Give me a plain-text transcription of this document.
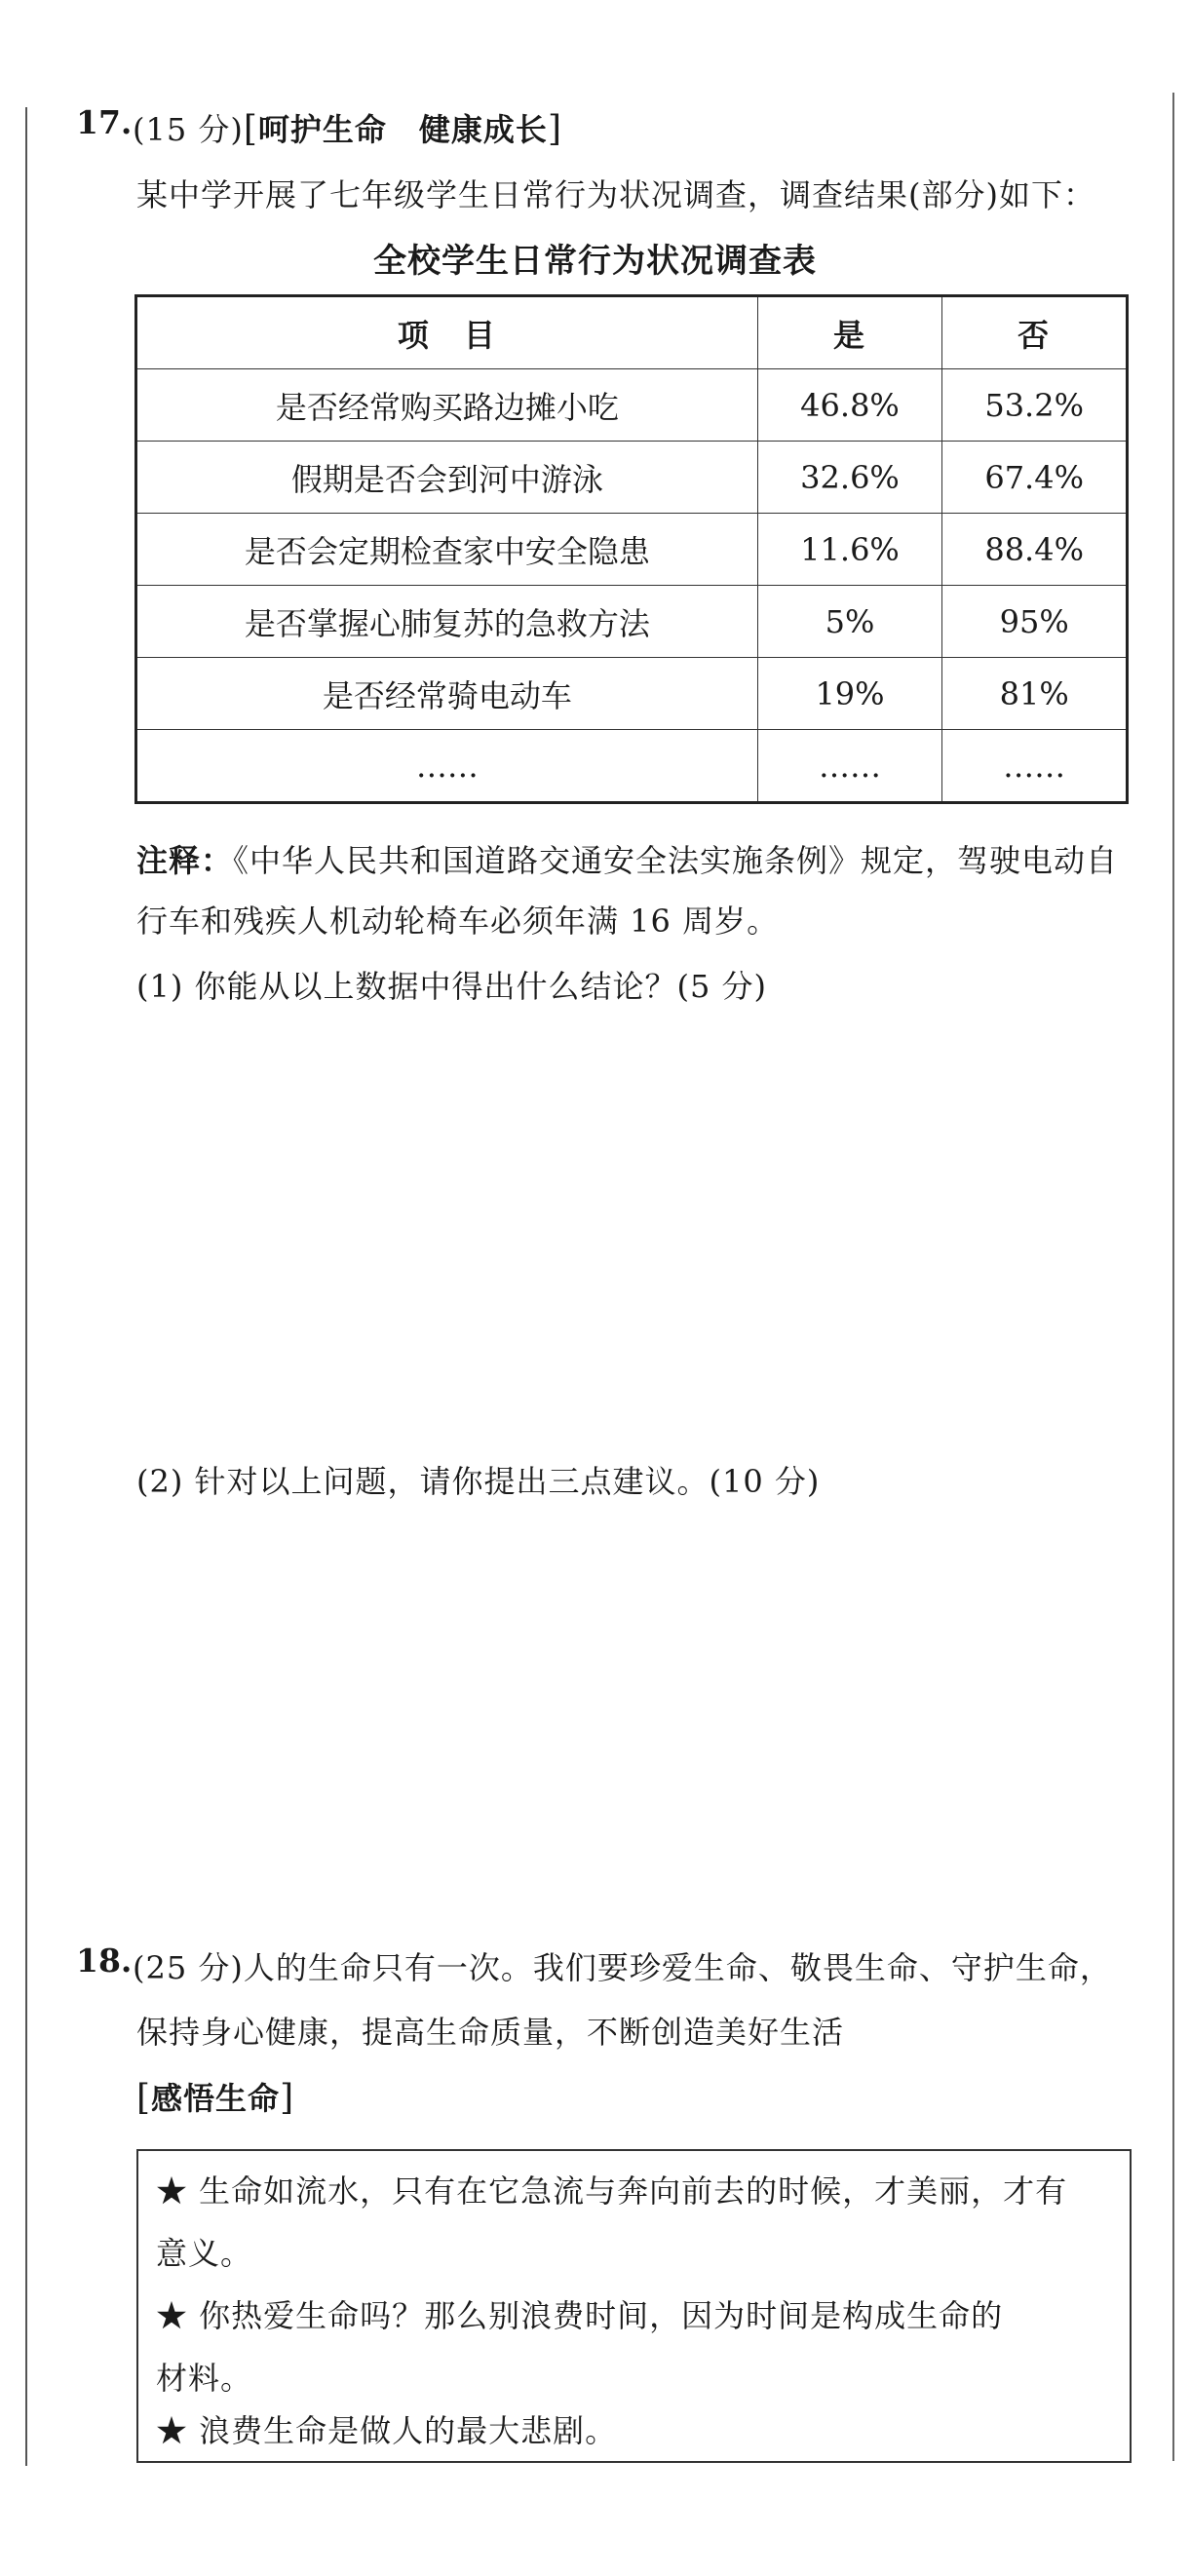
17. (15 分)[呵护生命　健康成长]
某中学开展了七年级学生日常行为状况调查，调查结果(部分)如下：
全校学生日常行为状况调查表
项　目	是	否
是否经常购买路边摊小吃	46.8%	53.2%
假期是否会到河中游泳	32.6%	67.4%
是否会定期检查家中安全隐患	11.6%	88.4%
是否掌握心肺复苏的急救方法	5%	95%
是否经常骑电动车	19%	81%
……	……	……
注释：《中华人民共和国道路交通安全法实施条例》规定，驾驶电动自
行车和残疾人机动轮椅车必须年满 16 周岁。
(1) 你能从以上数据中得出什么结论？(5 分)
(2) 针对以上问题，请你提出三点建议。(10 分)
18. (25 分)人的生命只有一次。我们要珍爱生命、敬畏生命、守护生命，
保持身心健康，提高生命质量，不断创造美好生活
[感悟生命]
★ 生命如流水，只有在它急流与奔向前去的时候，才美丽，才有
意义。
★ 你热爱生命吗？那么别浪费时间，因为时间是构成生命的
材料。
★ 浪费生命是做人的最大悲剧。
